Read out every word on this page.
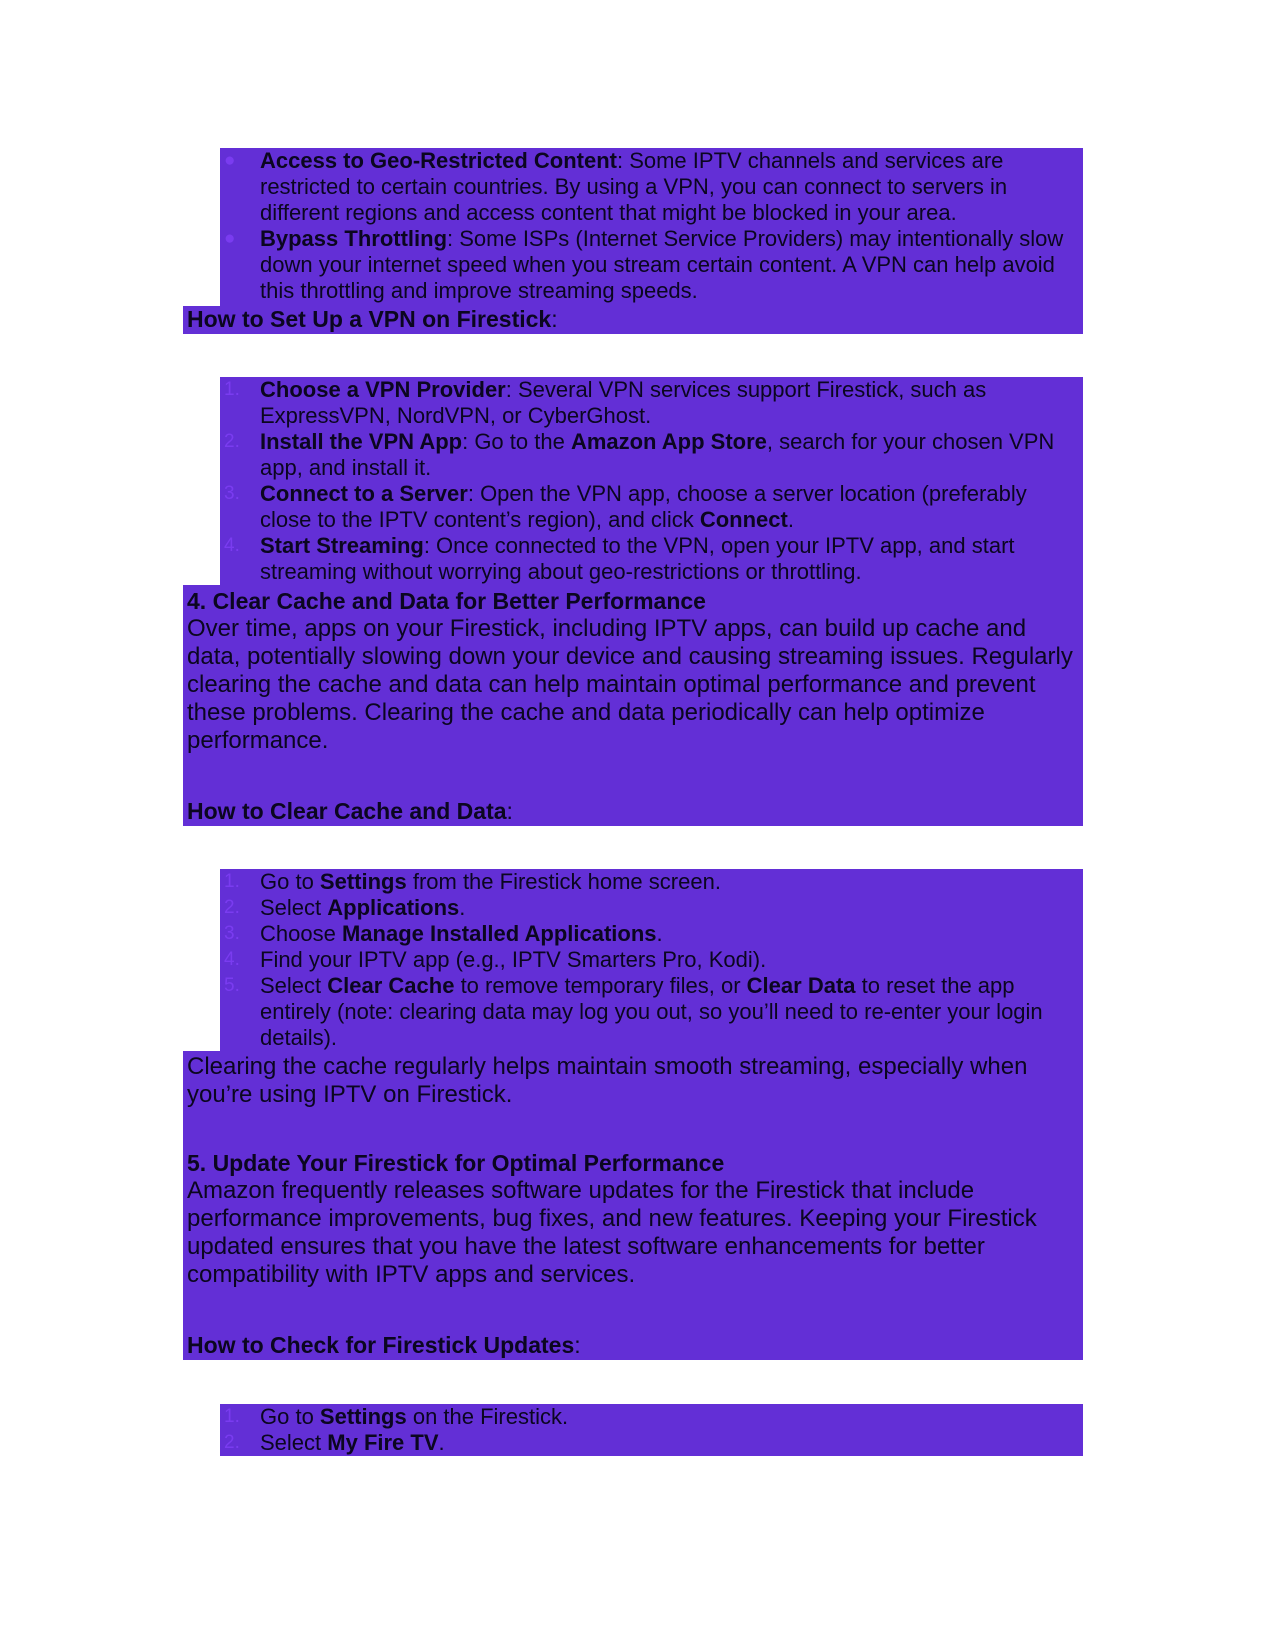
●	Access to Geo-Restricted Content: Some IPTV channels and services are restricted to certain countries. By using a VPN, you can connect to servers in different regions and access content that might be blocked in your area.
●	Bypass Throttling: Some ISPs (Internet Service Providers) may intentionally slow down your internet speed when you stream certain content. A VPN can help avoid this throttling and improve streaming speeds.
How to Set Up a VPN on Firestick:
1. Choose a VPN Provider: Several VPN services support Firestick, such as ExpressVPN, NordVPN, or CyberGhost.
2. Install the VPN App: Go to the Amazon App Store, search for your chosen VPN app, and install it.
3. Connect to a Server: Open the VPN app, choose a server location (preferably close to the IPTV content’s region), and click Connect.
4. Start Streaming: Once connected to the VPN, open your IPTV app, and start streaming without worrying about geo-restrictions or throttling.
4. Clear Cache and Data for Better Performance
Over time, apps on your Firestick, including IPTV apps, can build up cache and data, potentially slowing down your device and causing streaming issues. Regularly clearing the cache and data can help maintain optimal performance and prevent these problems. Clearing the cache and data periodically can help optimize performance.
How to Clear Cache and Data:
1. Go to Settings from the Firestick home screen.
2. Select Applications.
3. Choose Manage Installed Applications.
4. Find your IPTV app (e.g., IPTV Smarters Pro, Kodi).
5. Select Clear Cache to remove temporary files, or Clear Data to reset the app entirely (note: clearing data may log you out, so you’ll need to re-enter your login details).
Clearing the cache regularly helps maintain smooth streaming, especially when you’re using IPTV on Firestick.
5. Update Your Firestick for Optimal Performance
Amazon frequently releases software updates for the Firestick that include performance improvements, bug fixes, and new features. Keeping your Firestick updated ensures that you have the latest software enhancements for better compatibility with IPTV apps and services.
How to Check for Firestick Updates:
1. Go to Settings on the Firestick.
2. Select My Fire TV.
